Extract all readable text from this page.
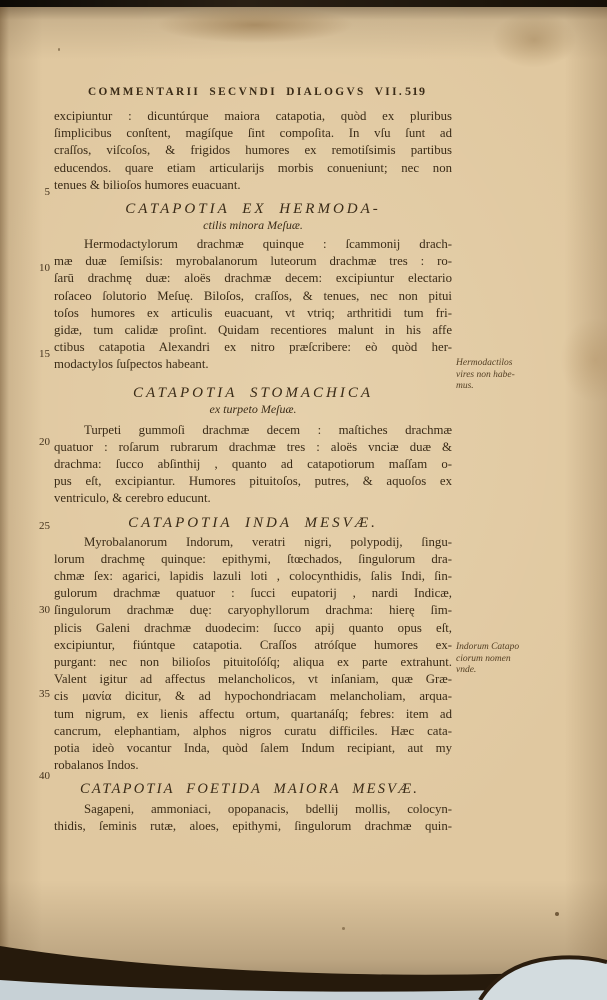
COMMENTARII SECVNDI DIALOGVS VII. 519
excipiuntur : dicuntúrque maiora catapotia, quòd ex pluribus
ſimplicibus conſtent, magíſque ſint compoſita. In vſu ſunt ad
craſſos, viſcoſos, & frigidos humores ex remotiſsimis partibus
educendos. quare etiam articularijs morbis conueniunt; nec non
tenues & bilioſos humores euacuant.
CATAPOTIA EX HERMODA-
ctilis minora Meſuæ.
Hermodactylorum drachmæ quinque : ſcammonij drach-
mæ duæ ſemiſsis: myrobalanorum luteorum drachmæ tres : ro-
ſarū drachmę duæ: aloës drachmæ decem: excipiuntur electario
roſaceo ſolutorio Meſuę. Biloſos, craſſos, & tenues, nec non pitui
toſos humores ex articulis euacuant, vt vtriq; arthritidi tum fri-
gidæ, tum calidæ proſint. Quidam recentiores malunt in his affe
ctibus catapotia Alexandri ex nitro præſcribere: eò quòd her-
modactylos ſuſpectos habeant.
CATAPOTIA STOMACHICA
ex turpeto Meſuæ.
Turpeti gummoſi drachmæ decem : maſtiches drachmæ
quatuor : roſarum rubrarum drachmæ tres : aloës vnciæ duæ &
drachma: ſucco abſinthij , quanto ad catapotiorum maſſam o-
pus eſt, excipiantur. Humores pituitoſos, putres, & aquoſos ex
ventriculo, & cerebro educunt.
CATAPOTIA INDA MESVÆ.
Myrobalanorum Indorum, veratri nigri, polypodij, ſingu-
lorum drachmę quinque: epithymi, ſtœchados, ſingulorum dra-
chmæ ſex: agarici, lapidis lazuli loti , colocynthidis, ſalis Indi, ſin-
gulorum drachmæ quatuor : ſucci eupatorij , nardi Indicæ,
ſingulorum drachmæ duę: caryophyllorum drachma: hierę ſim-
plicis Galeni drachmæ duodecim: ſucco apij quanto opus eſt,
excipiuntur, fiúntque catapotia. Craſſos atróſque humores ex-
purgant: nec non bilioſos pituitoſóſq; aliqua ex parte extrahunt.
Valent igitur ad affectus melancholicos, vt inſaniam, quæ Græ-
cis μανία dicitur, & ad hypochondriacam melancholiam, arqua-
tum nigrum, ex lienis affectu ortum, quartanáſq; febres: item ad
cancrum, elephantiam, alphos nigros curatu difficiles. Hæc cata-
potia ideò vocantur Inda, quòd ſalem Indum recipiant, aut my
robalanos Indos.
CATAPOTIA FOETIDA MAIORA MESVÆ.
Sagapeni, ammoniaci, opopanacis, bdellij mollis, colocyn-
thidis, ſeminis rutæ, aloes, epithymi, ſingulorum drachmæ quin-
5
10
15
20
25
30
35
40
Hermodactilos
vires non habe-
mus.
Indorum Catapo
ciorum nomen
vnde.
